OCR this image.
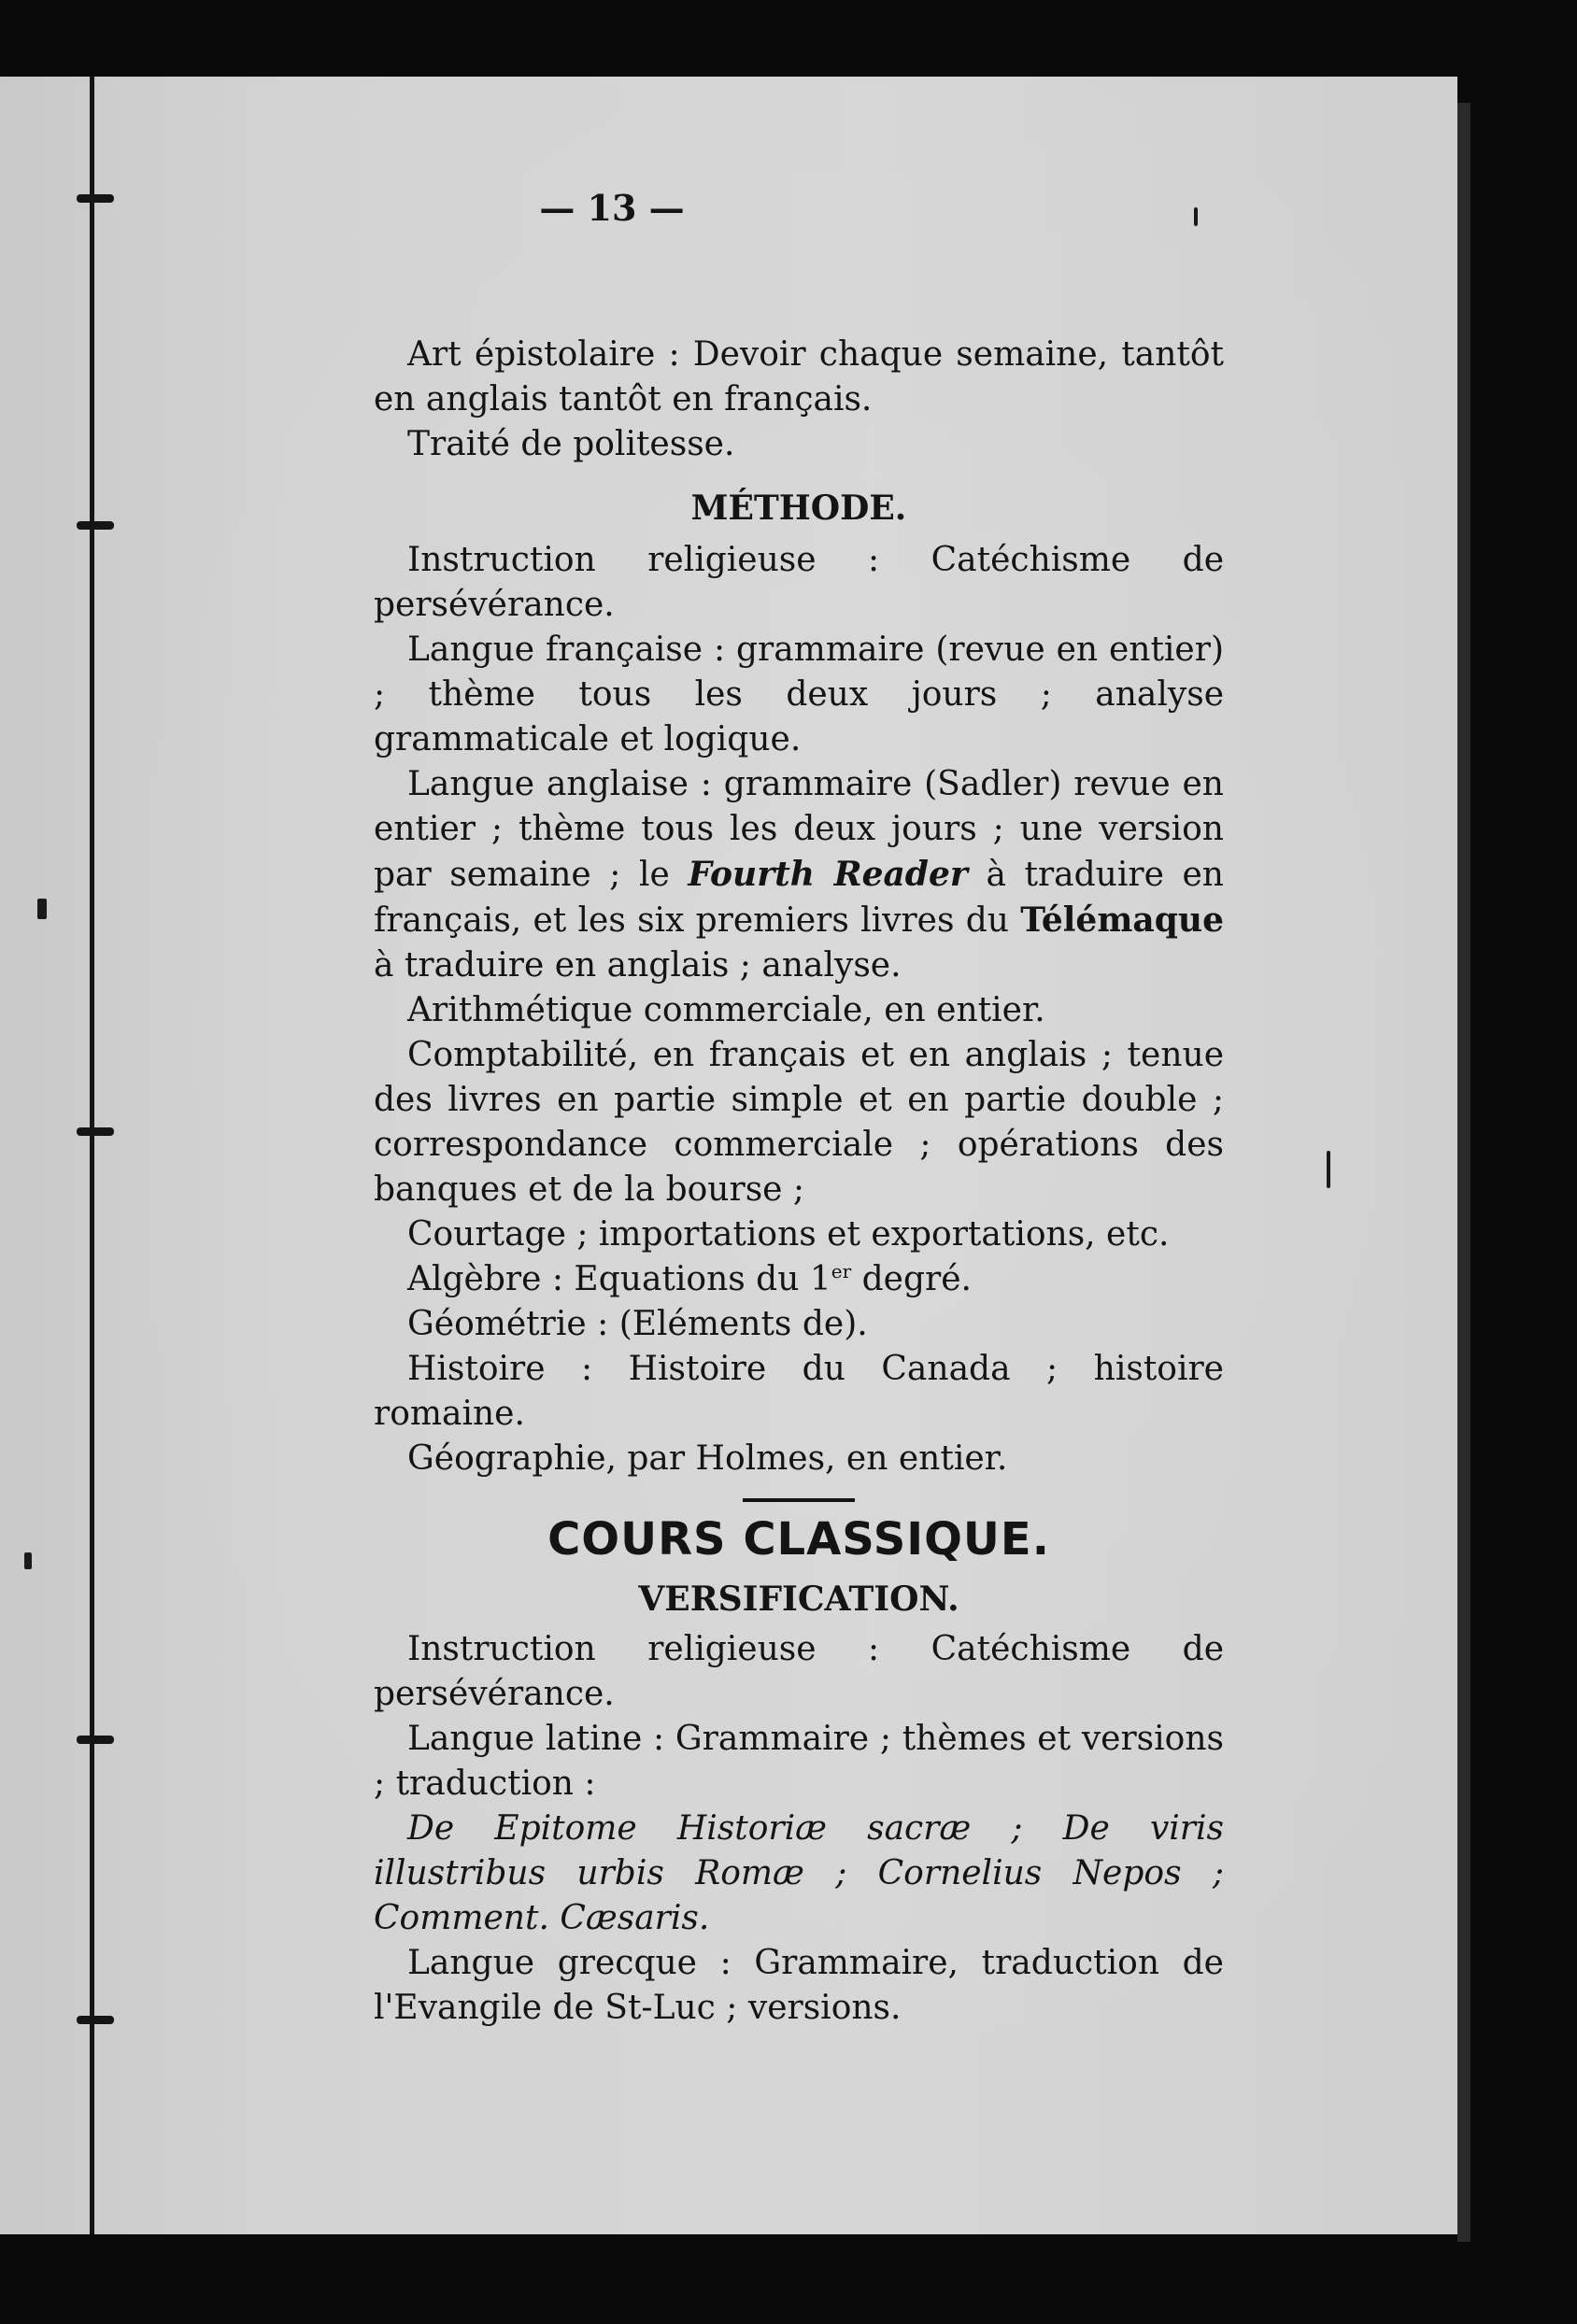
— 13 —

Art épistolaire : Devoir chaque semaine, tantôt en anglais tantôt en français.

Traité de politesse.

MÉTHODE.

Instruction religieuse : Catéchisme de persévérance.

Langue française : grammaire (revue en entier) ; thème tous les deux jours ; analyse grammaticale et logique.

Langue anglaise : grammaire (Sadler) revue en entier ; thème tous les deux jours ; une version par semaine ; le Fourth Reader à traduire en français, et les six premiers livres du Télémaque à traduire en anglais ; analyse.

Arithmétique commerciale, en entier.

Comptabilité, en français et en anglais ; tenue des livres en partie simple et en partie double ; correspondance commerciale ; opérations des banques et de la bourse ;

Courtage ; importations et exportations, etc.

Algèbre : Equations du 1er degré.

Géométrie : (Eléments de).

Histoire : Histoire du Canada ; histoire romaine.

Géographie, par Holmes, en entier.

COURS CLASSIQUE.

VERSIFICATION.

Instruction religieuse : Catéchisme de persévérance.

Langue latine : Grammaire ; thèmes et versions ; traduction :

De Epitome Historiæ sacræ ; De viris illustribus urbis Romæ ; Cornelius Nepos ; Comment. Cæsaris.

Langue grecque : Grammaire, traduction de l'Evangile de St-Luc ; versions.
